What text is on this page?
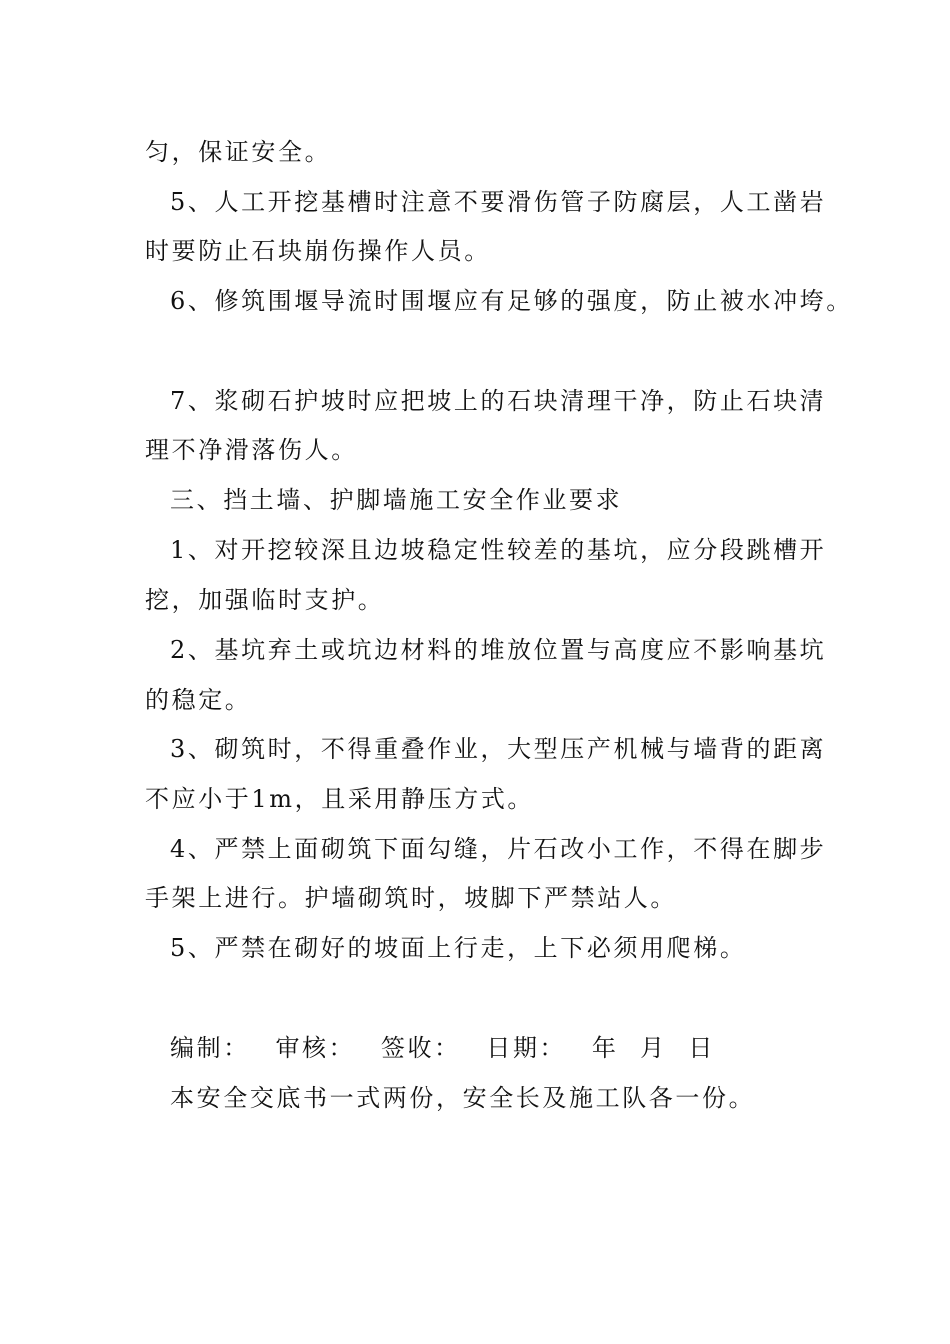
匀，保证安全。
5、人工开挖基槽时注意不要滑伤管子防腐层，人工凿岩
时要防止石块崩伤操作人员。
6、修筑围堰导流时围堰应有足够的强度，防止被水冲垮。
7、浆砌石护坡时应把坡上的石块清理干净，防止石块清
理不净滑落伤人。
三、挡土墙、护脚墙施工安全作业要求
1、对开挖较深且边坡稳定性较差的基坑，应分段跳槽开
挖，加强临时支护。
2、基坑弃土或坑边材料的堆放位置与高度应不影响基坑
的稳定。
3、砌筑时，不得重叠作业，大型压产机械与墙背的距离
不应小于1m，且采用静压方式。
4、严禁上面砌筑下面勾缝，片石改小工作，不得在脚步
手架上进行。护墙砌筑时，坡脚下严禁站人。
5、严禁在砌好的坡面上行走，上下必须用爬梯。
编制： 审核： 签收： 日期： 年 月 日
本安全交底书一式两份，安全长及施工队各一份。
